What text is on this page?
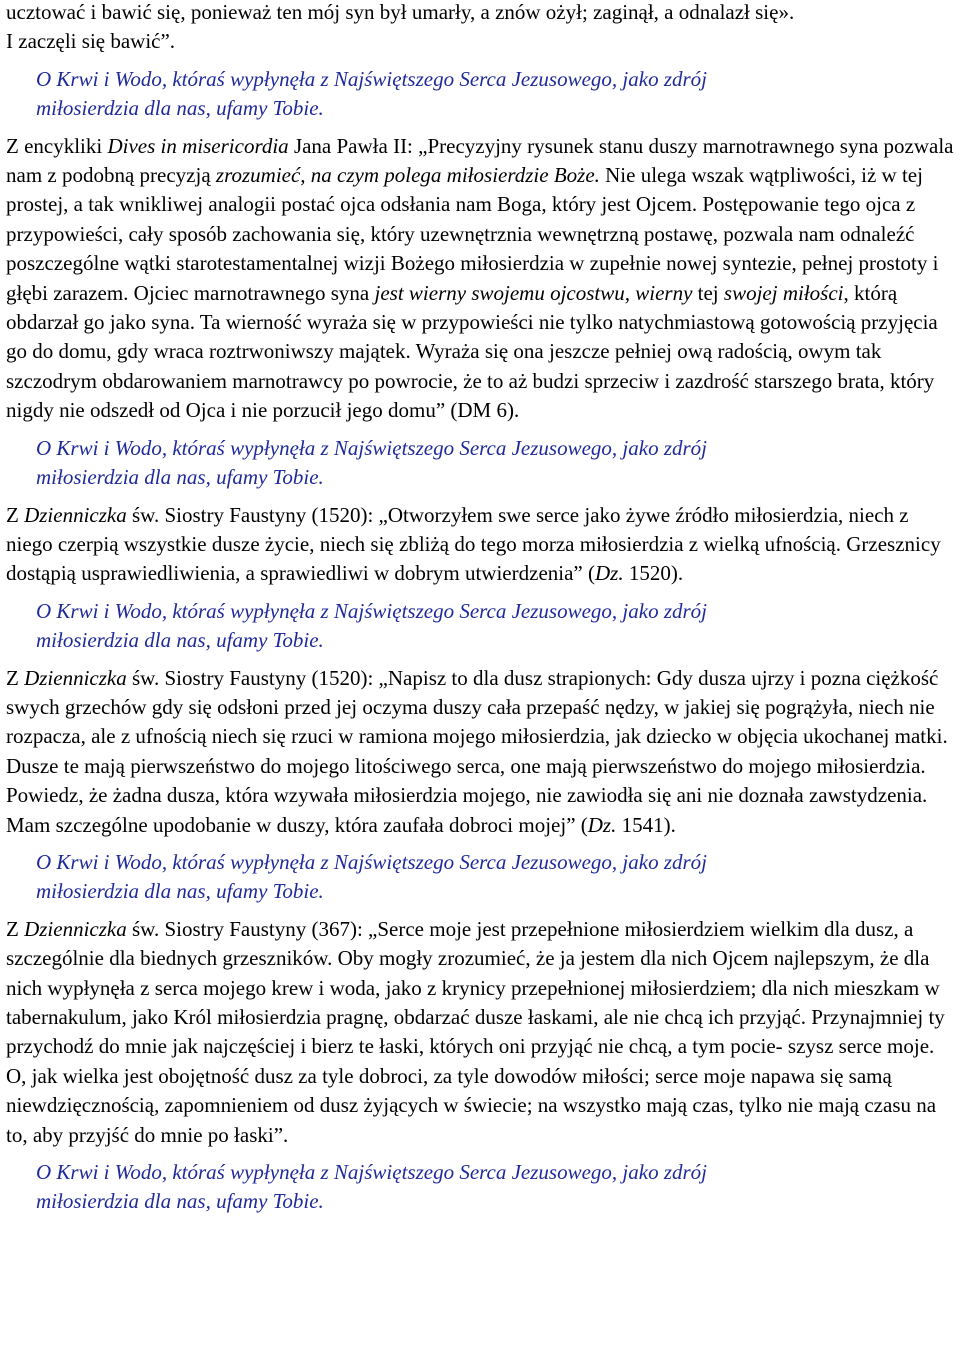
ucztować i bawić się, ponieważ ten mój syn był umarły, a znów ożył; zaginął, a odnalazł się».
I zaczęli się bawić”.
O Krwi i Wodo, któraś wypłynęła z Najświętszego Serca Jezusowego, jako zdrój
miłosierdzia dla nas, ufamy Tobie.

Z encykliki Dives in misericordia Jana Pawła II: „Precyzyjny rysunek stanu duszy marnotrawnego syna pozwala nam z podobną precyzją zrozumieć, na czym polega miłosierdzie Boże. Nie ulega wszak wątpliwości, iż w tej prostej, a tak wnikliwej analogii postać ojca odsłania nam Boga, który jest Ojcem. Postępowanie tego ojca z przypowieści, cały sposób zachowania się, który uzewnętrznia wewnętrzną postawę, pozwala nam odnaleźć poszczególne wątki starotestamentalnej wizji Bożego miłosierdzia w zupełnie nowej syntezie, pełnej prostoty i głębi zarazem. Ojciec marnotrawnego syna jest wierny swojemu ojcostwu, wierny tej swojej miłości, którą obdarzał go jako syna. Ta wierność wyraża się w przypowieści nie tylko natychmiastową gotowością przyjęcia go do domu, gdy wraca roztrwoniwszy majątek. Wyraża się ona jeszcze pełniej ową radością, owym tak szczodrym obdarowaniem marnotrawcy po powrocie, że to aż budzi sprzeciw i zazdrość starszego brata, który nigdy nie odszedł od Ojca i nie porzucił jego domu” (DM 6).

O Krwi i Wodo, któraś wypłynęła z Najświętszego Serca Jezusowego, jako zdrój
miłosierdzia dla nas, ufamy Tobie.

Z Dzienniczka św. Siostry Faustyny (1520): „Otworzyłem swe serce jako żywe źródło miłosierdzia, niech z niego czerpią wszystkie dusze życie, niech się zbliżą do tego morza miłosierdzia z wielką ufnością. Grzesznicy dostąpią usprawiedliwienia, a sprawiedliwi w dobrym utwierdzenia” (Dz. 1520).

O Krwi i Wodo, któraś wypłynęła z Najświętszego Serca Jezusowego, jako zdrój
miłosierdzia dla nas, ufamy Tobie.

Z Dzienniczka św. Siostry Faustyny (1520): „Napisz to dla dusz strapionych: Gdy dusza ujrzy i pozna ciężkość swych grzechów gdy się odsłoni przed jej oczyma duszy cała przepaść nędzy, w jakiej się pogrążyła, niech nie rozpacza, ale z ufnością niech się rzuci w ramiona mojego miłosierdzia, jak dziecko w objęcia ukochanej matki. Dusze te mają pierwszeństwo do mojego litościwego serca, one mają pierwszeństwo do mojego miłosierdzia. Powiedz, że żadna dusza, która wzywała miłosierdzia mojego, nie zawiodła się ani nie doznała zawstydzenia. Mam szczególne upodobanie w duszy, która zaufała dobroci mojej” (Dz. 1541).

O Krwi i Wodo, któraś wypłynęła z Najświętszego Serca Jezusowego, jako zdrój
miłosierdzia dla nas, ufamy Tobie.

Z Dzienniczka św. Siostry Faustyny (367): „Serce moje jest przepełnione miłosierdziem wielkim dla dusz, a szczególnie dla biednych grzeszników. Oby mogły zrozumieć, że ja jestem dla nich Ojcem najlepszym, że dla nich wypłynęła z serca mojego krew i woda, jako z krynicy przepełnionej miłosierdziem; dla nich mieszkam w tabernakulum, jako Król miłosierdzia pragnę, obdarzać dusze łaskami, ale nie chcą ich przyjąć. Przynajmniej ty przychodź do mnie jak najczęściej i bierz te łaski, których oni przyjąć nie chcą, a tym pocie- szysz serce moje. O, jak wielka jest obojętność dusz za tyle dobroci, za tyle dowodów miłości; serce moje napawa się samą niewdzięcznością, zapomnieniem od dusz żyjących w świecie; na wszystko mają czas, tylko nie mają czasu na to, aby przyjść do mnie po łaski”.

O Krwi i Wodo, któraś wypłynęła z Najświętszego Serca Jezusowego, jako zdrój
miłosierdzia dla nas, ufamy Tobie.
